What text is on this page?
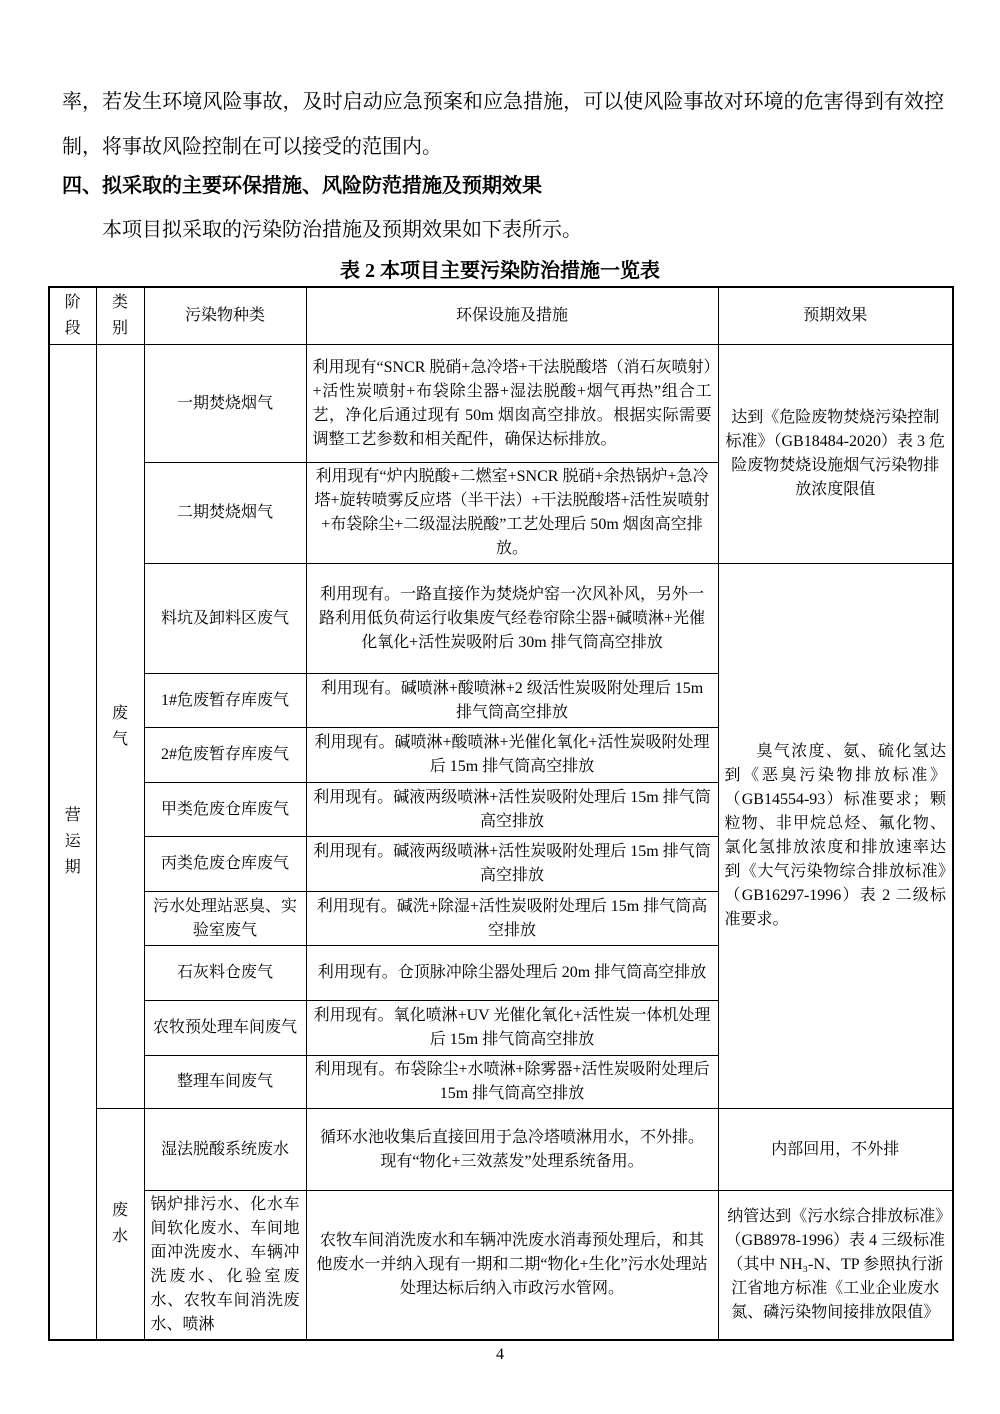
率，若发生环境风险事故，及时启动应急预案和应急措施，可以使风险事故对环境的危害得到有效控制，将事故风险控制在可以接受的范围内。

四、拟采取的主要环保措施、风险防范措施及预期效果

本项目拟采取的污染防治措施及预期效果如下表所示。

表 2 本项目主要污染防治措施一览表

阶段	类别	污染物种类	环保设施及措施	预期效果

营运期	废气	一期焚烧烟气	利用现有“SNCR 脱硝+急冷塔+干法脱酸塔（消石灰喷射）+活性炭喷射+布袋除尘器+湿法脱酸+烟气再热”组合工艺，净化后通过现有 50m 烟囱高空排放。根据实际需要调整工艺参数和相关配件，确保达标排放。	达到《危险废物焚烧污染控制标准》（GB18484-2020）表 3 危险废物焚烧设施烟气污染物排放浓度限值
		二期焚烧烟气	利用现有“炉内脱酸+二燃室+SNCR 脱硝+余热锅炉+急冷塔+旋转喷雾反应塔（半干法）+干法脱酸塔+活性炭喷射+布袋除尘+二级湿法脱酸”工艺处理后 50m 烟囱高空排放。	
		料坑及卸料区废气	利用现有。一路直接作为焚烧炉窑一次风补风，另外一路利用低负荷运行收集废气经卷帘除尘器+碱喷淋+光催化氧化+活性炭吸附后 30m 排气筒高空排放	臭气浓度、氨、硫化氢达到《恶臭污染物排放标准》（GB14554-93）标准要求；颗粒物、非甲烷总烃、氟化物、氯化氢排放浓度和排放速率达到《大气污染物综合排放标准》（GB16297-1996）表 2 二级标准要求。
		1#危废暂存库废气	利用现有。碱喷淋+酸喷淋+2 级活性炭吸附处理后 15m 排气筒高空排放	
		2#危废暂存库废气	利用现有。碱喷淋+酸喷淋+光催化氧化+活性炭吸附处理后 15m 排气筒高空排放	
		甲类危废仓库废气	利用现有。碱液两级喷淋+活性炭吸附处理后 15m 排气筒高空排放	
		丙类危废仓库废气	利用现有。碱液两级喷淋+活性炭吸附处理后 15m 排气筒高空排放	
		污水处理站恶臭、实验室废气	利用现有。碱洗+除湿+活性炭吸附处理后 15m 排气筒高空排放	
		石灰料仓废气	利用现有。仓顶脉冲除尘器处理后 20m 排气筒高空排放	
		农牧预处理车间废气	利用现有。氧化喷淋+UV 光催化氧化+活性炭一体机处理后 15m 排气筒高空排放	
		整理车间废气	利用现有。布袋除尘+水喷淋+除雾器+活性炭吸附处理后 15m 排气筒高空排放	

	废水	湿法脱酸系统废水	循环水池收集后直接回用于急冷塔喷淋用水，不外排。现有“物化+三效蒸发”处理系统备用。	内部回用，不外排
		锅炉排污水、化水车间软化废水、车间地面冲洗废水、车辆冲洗废水、化验室废水、农牧车间消洗废水、喷淋	农牧车间消洗废水和车辆冲洗废水消毒预处理后，和其他废水一并纳入现有一期和二期“物化+生化”污水处理站处理达标后纳入市政污水管网。	纳管达到《污水综合排放标准》（GB8978-1996）表 4 三级标准（其中 NH₃-N、TP 参照执行浙江省地方标准《工业企业废水氮、磷污染物间接排放限值》
4
